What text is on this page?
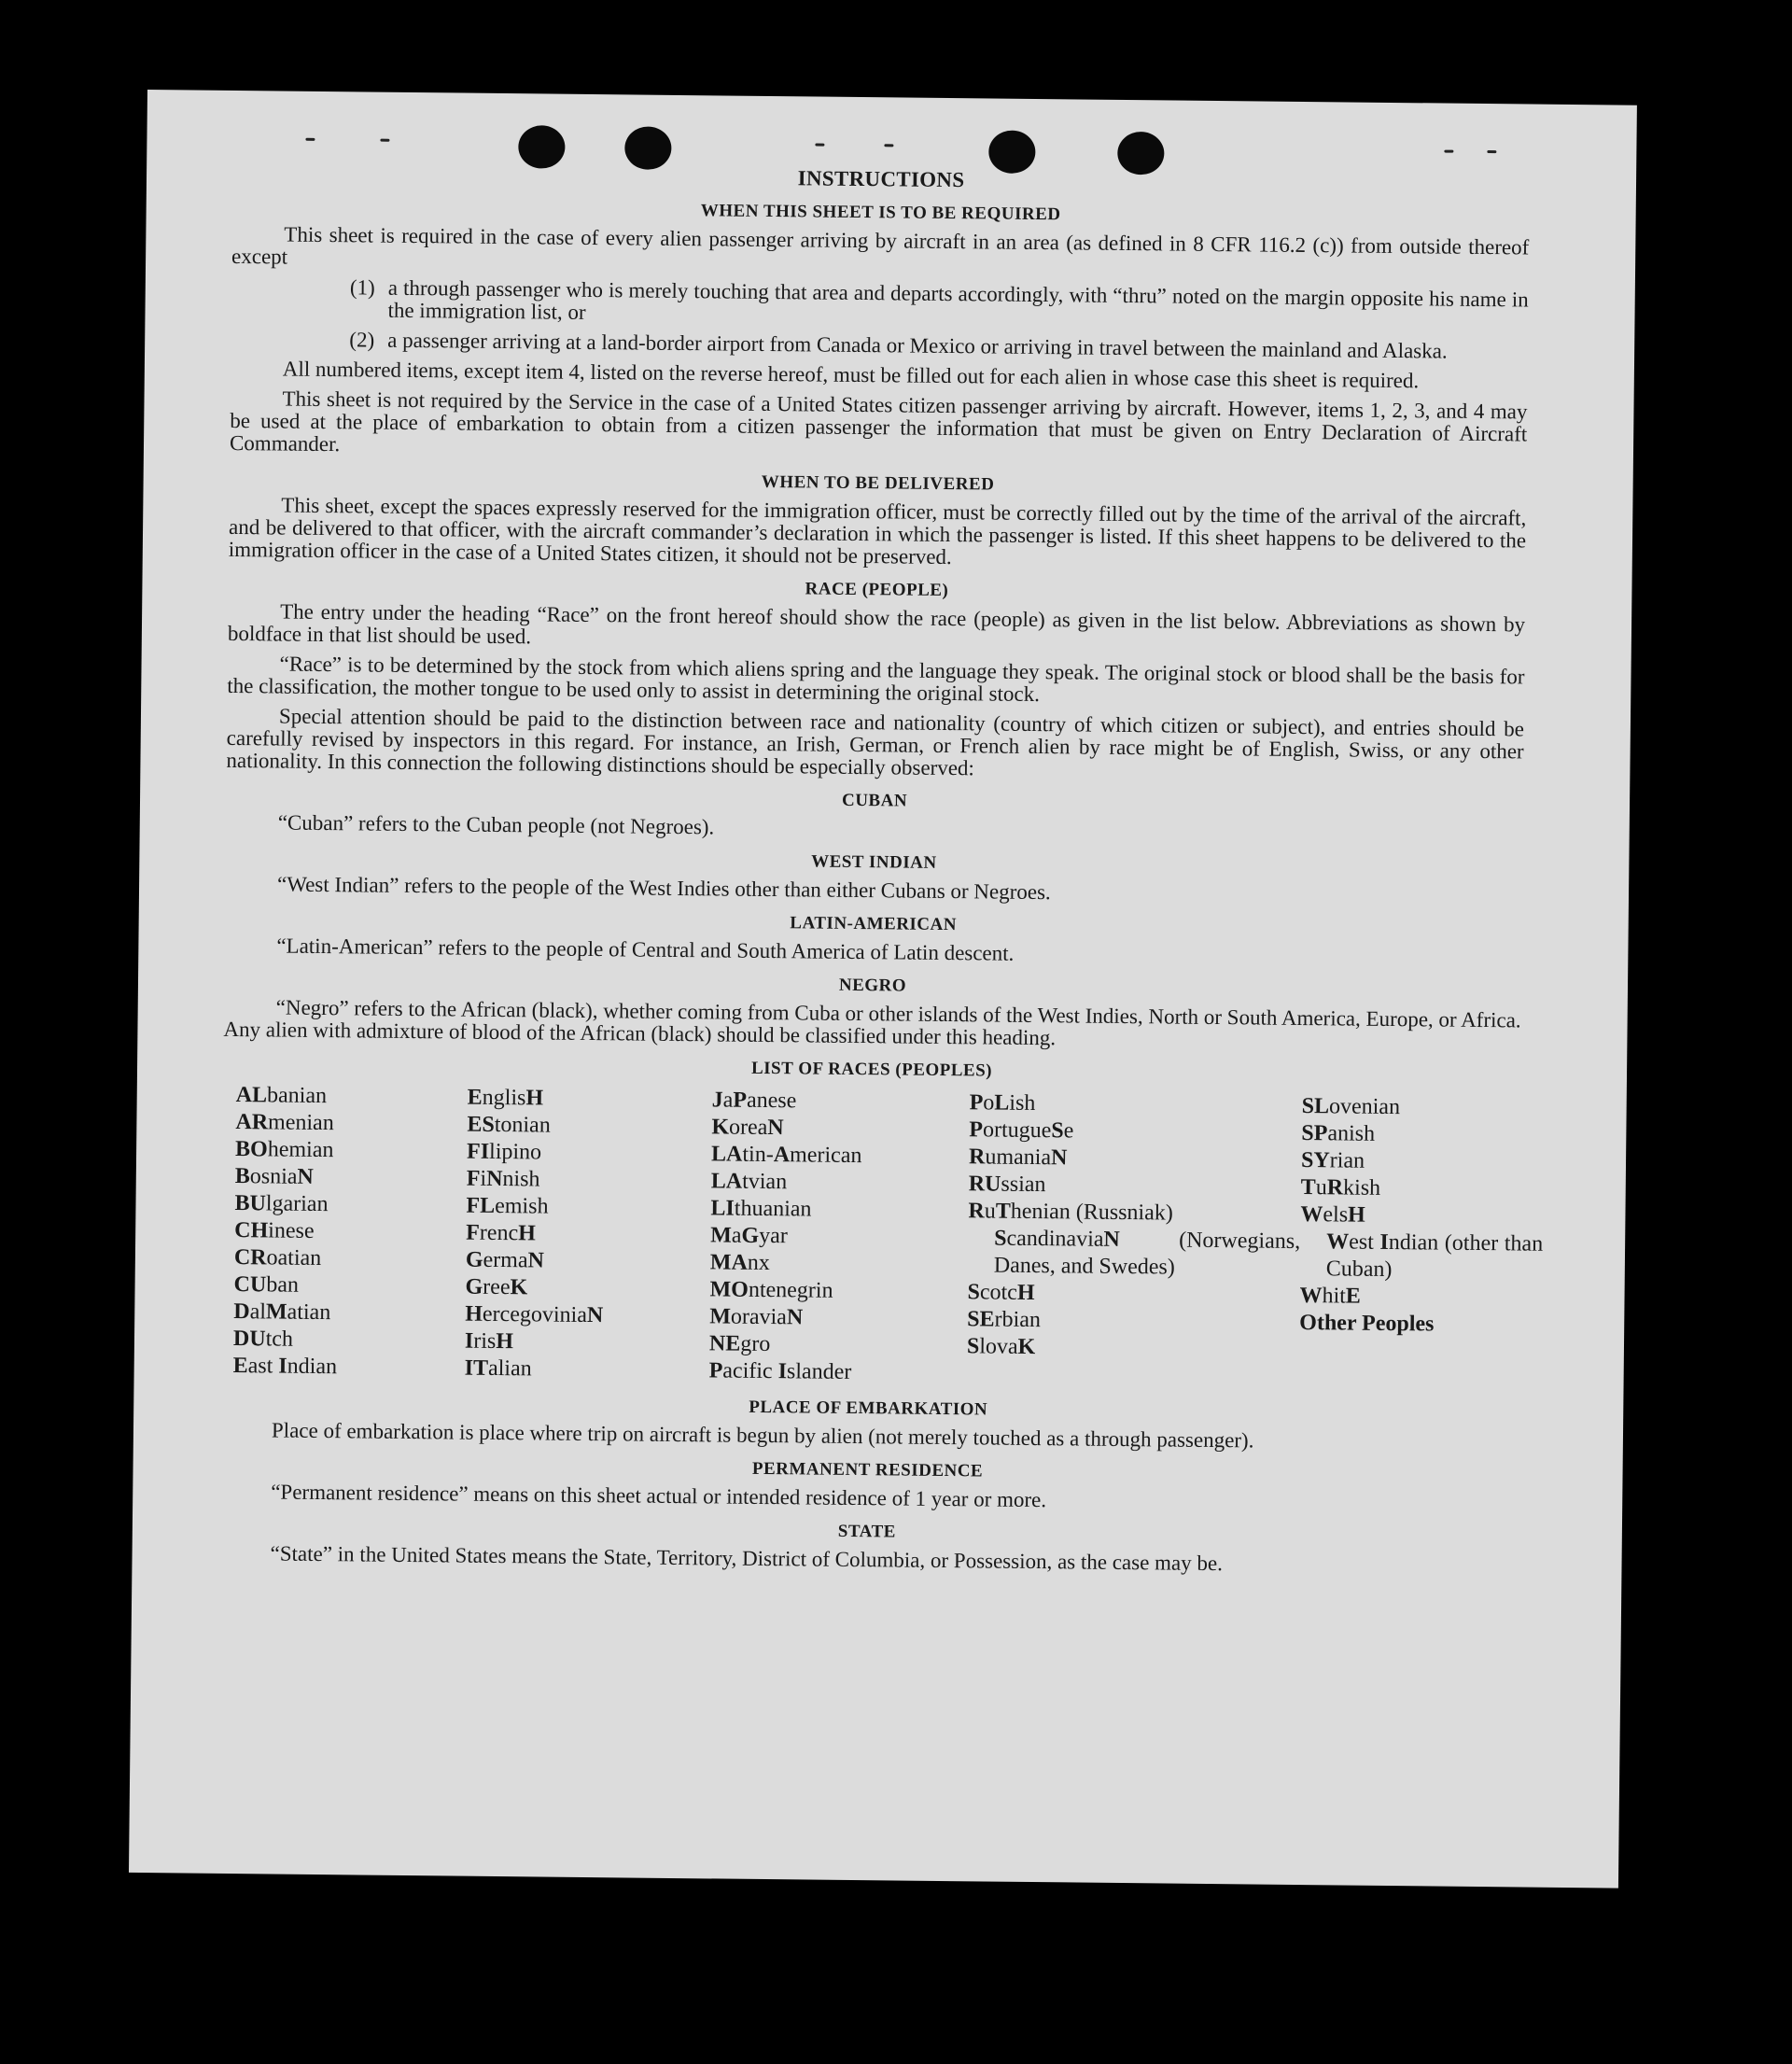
INSTRUCTIONS
WHEN THIS SHEET IS TO BE REQUIRED

This sheet is required in the case of every alien passenger arriving by aircraft in an area (as defined in 8 CFR 116.2 (c)) from outside thereof except

(1) a through passenger who is merely touching that area and departs accordingly, with “thru” noted on the margin opposite his name in the immigration list, or
(2) a passenger arriving at a land-border airport from Canada or Mexico or arriving in travel between the mainland and Alaska.

All numbered items, except item 4, listed on the reverse hereof, must be filled out for each alien in whose case this sheet is required.

This sheet is not required by the Service in the case of a United States citizen passenger arriving by aircraft. However, items 1, 2, 3, and 4 may be used at the place of embarkation to obtain from a citizen passenger the information that must be given on Entry Declaration of Aircraft Commander.

WHEN TO BE DELIVERED

This sheet, except the spaces expressly reserved for the immigration officer, must be correctly filled out by the time of the arrival of the aircraft, and be delivered to that officer, with the aircraft commander’s declaration in which the passenger is listed. If this sheet happens to be delivered to the immigration officer in the case of a United States citizen, it should not be preserved.

RACE (PEOPLE)

The entry under the heading “Race” on the front hereof should show the race (people) as given in the list below. Abbreviations as shown by boldface in that list should be used.

“Race” is to be determined by the stock from which aliens spring and the language they speak. The original stock or blood shall be the basis for the classification, the mother tongue to be used only to assist in determining the original stock.

Special attention should be paid to the distinction between race and nationality (country of which citizen or subject), and entries should be carefully revised by inspectors in this regard. For instance, an Irish, German, or French alien by race might be of English, Swiss, or any other nationality. In this connection the following distinctions should be especially observed:

CUBAN

“Cuban” refers to the Cuban people (not Negroes).

WEST INDIAN

“West Indian” refers to the people of the West Indies other than either Cubans or Negroes.

LATIN-AMERICAN

“Latin-American” refers to the people of Central and South America of Latin descent.

NEGRO

“Negro” refers to the African (black), whether coming from Cuba or other islands of the West Indies, North or South America, Europe, or Africa. Any alien with admixture of blood of the African (black) should be classified under this heading.

LIST OF RACES (PEOPLES)
ALbanian
ARmenian
BOhemian
BosniaN
BUlgarian
CHinese
CRoatian
CUban
DalMatian
DUtch
East Indian
EnglisH
EStonian
FIlipino
FiNnish
FLemish
FrencH
GermaN
GreeK
HercegoviniaN
IrisH
ITalian
JaPanese
KoreaN
LAtin-American
LAtvian
LIthuanian
MaGyar
MAnx
MOntenegrin
MoraviaN
NEgro
Pacific Islander
PoLish
PortugueSe
RumaniaN
RUssian
RuThenian (Russniak)
ScandinaviaN	(Norwegians, Danes, and Swedes)
ScotcH
SErbian
SlovaK
SLovenian
SPanish
SYrian
TuRkish
WelsH
West Indian (other than Cuban)
WhitE
Other Peoples
PLACE OF EMBARKATION

Place of embarkation is place where trip on aircraft is begun by alien (not merely touched as a through passenger).

PERMANENT RESIDENCE

“Permanent residence” means on this sheet actual or intended residence of 1 year or more.

STATE

“State” in the United States means the State, Territory, District of Columbia, or Possession, as the case may be.
